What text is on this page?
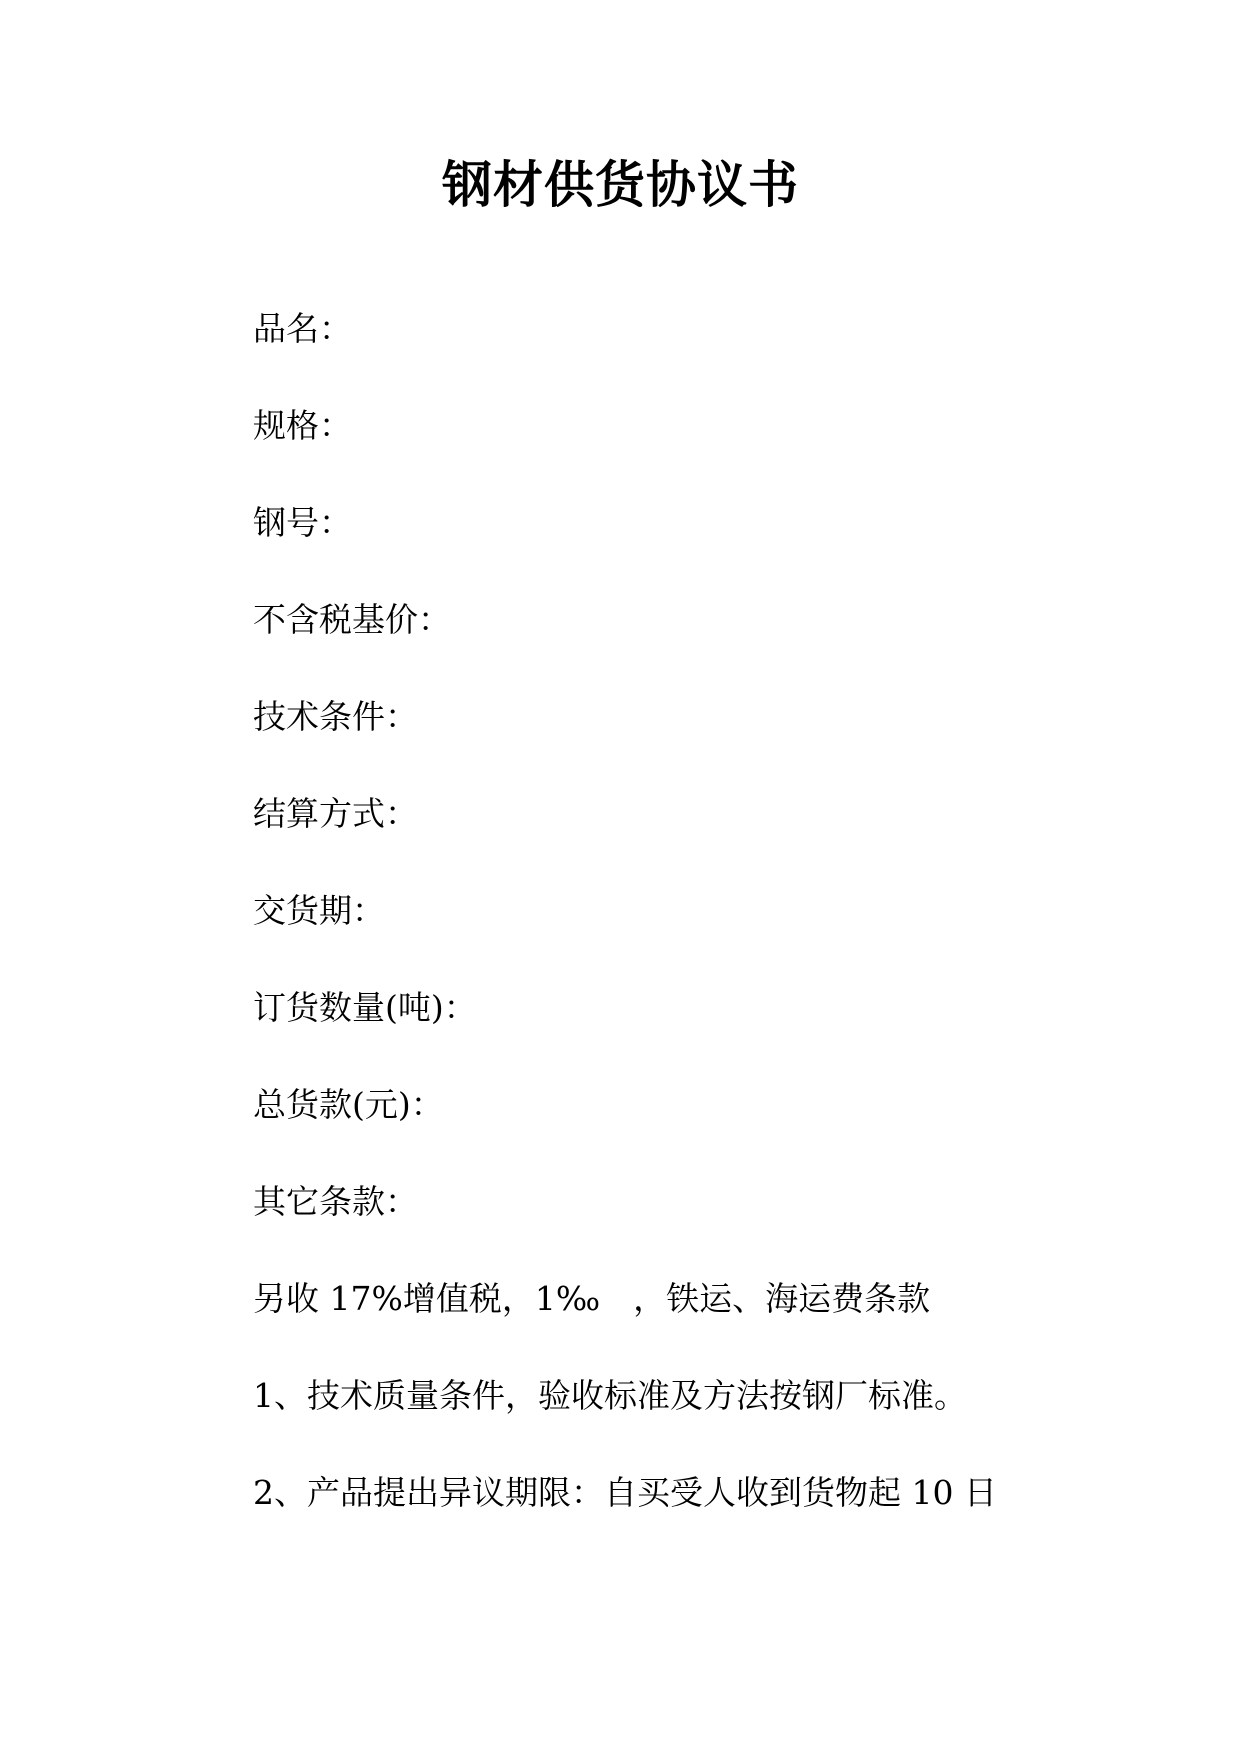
钢材供货协议书
品名：
规格：
钢号：
不含税基价：
技术条件：
结算方式：
交货期：
订货数量(吨)：
总货款(元)：
其它条款：
另收 17%增值税，1‰　，铁运、海运费条款
1、技术质量条件，验收标准及方法按钢厂标准。
2、产品提出异议期限：自买受人收到货物起 10 日
